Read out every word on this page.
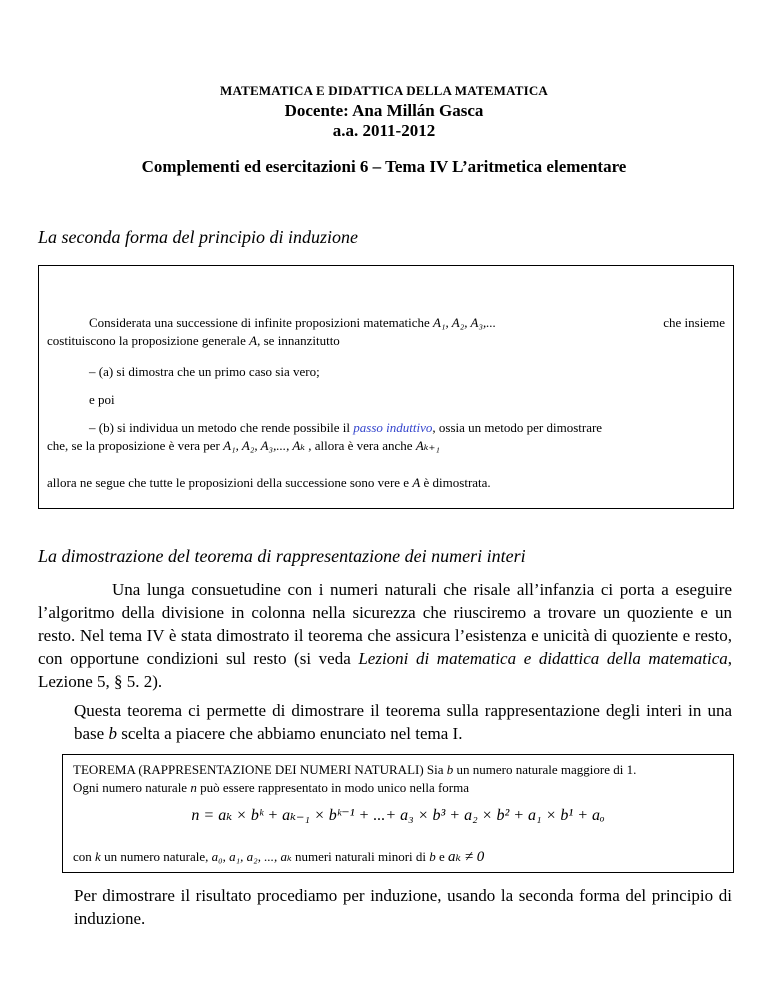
MATEMATICA E DIDATTICA DELLA MATEMATICA
Docente: Ana Millán Gasca
a.a. 2011-2012
Complementi ed esercitazioni 6 – Tema IV L’aritmetica elementare
La seconda forma del principio di induzione
Considerata una successione di infinite proposizioni matematiche A₁, A₂, A₃,...	che insieme
costituiscono la proposizione generale A, se innanzitutto
– (a) si dimostra che un primo caso sia vero;
e poi
– (b) si individua un metodo che rende possibile il passo induttivo, ossia un metodo per dimostrare
che, se la proposizione è vera per A₁, A₂, A₃,..., Aₖ , allora è vera anche Aₖ₊₁
allora ne segue che tutte le proposizioni della successione sono vere e A è dimostrata.
La dimostrazione del teorema di rappresentazione dei numeri interi
Una lunga consuetudine con i numeri naturali che risale all’infanzia ci porta a eseguire l’algoritmo della divisione in colonna nella sicurezza che riusciremo a trovare un quoziente e un resto. Nel tema IV è stata dimostrato il teorema che assicura l’esistenza e unicità di quoziente e resto, con opportune condizioni sul resto (si veda Lezioni di matematica e didattica della matematica, Lezione 5, § 5. 2).
Questa teorema ci permette di dimostrare il teorema sulla rappresentazione degli interi in una base b scelta a piacere che abbiamo enunciato nel tema I.
TEOREMA (RAPPRESENTAZIONE DEI NUMERI NATURALI) Sia b un numero naturale maggiore di 1.
Ogni numero naturale n può essere rappresentato in modo unico nella forma
n = aₖ × bᵏ + aₖ₋₁ × bᵏ⁻¹ + ...+ a₃ × b³ + a₂ × b² + a₁ × b¹ + aₒ
con k un numero naturale, a₀, a₁, a₂, ..., aₖ numeri naturali minori di b e aₖ ≠ 0
Per dimostrare il risultato procediamo per induzione, usando la seconda forma del principio di induzione.
